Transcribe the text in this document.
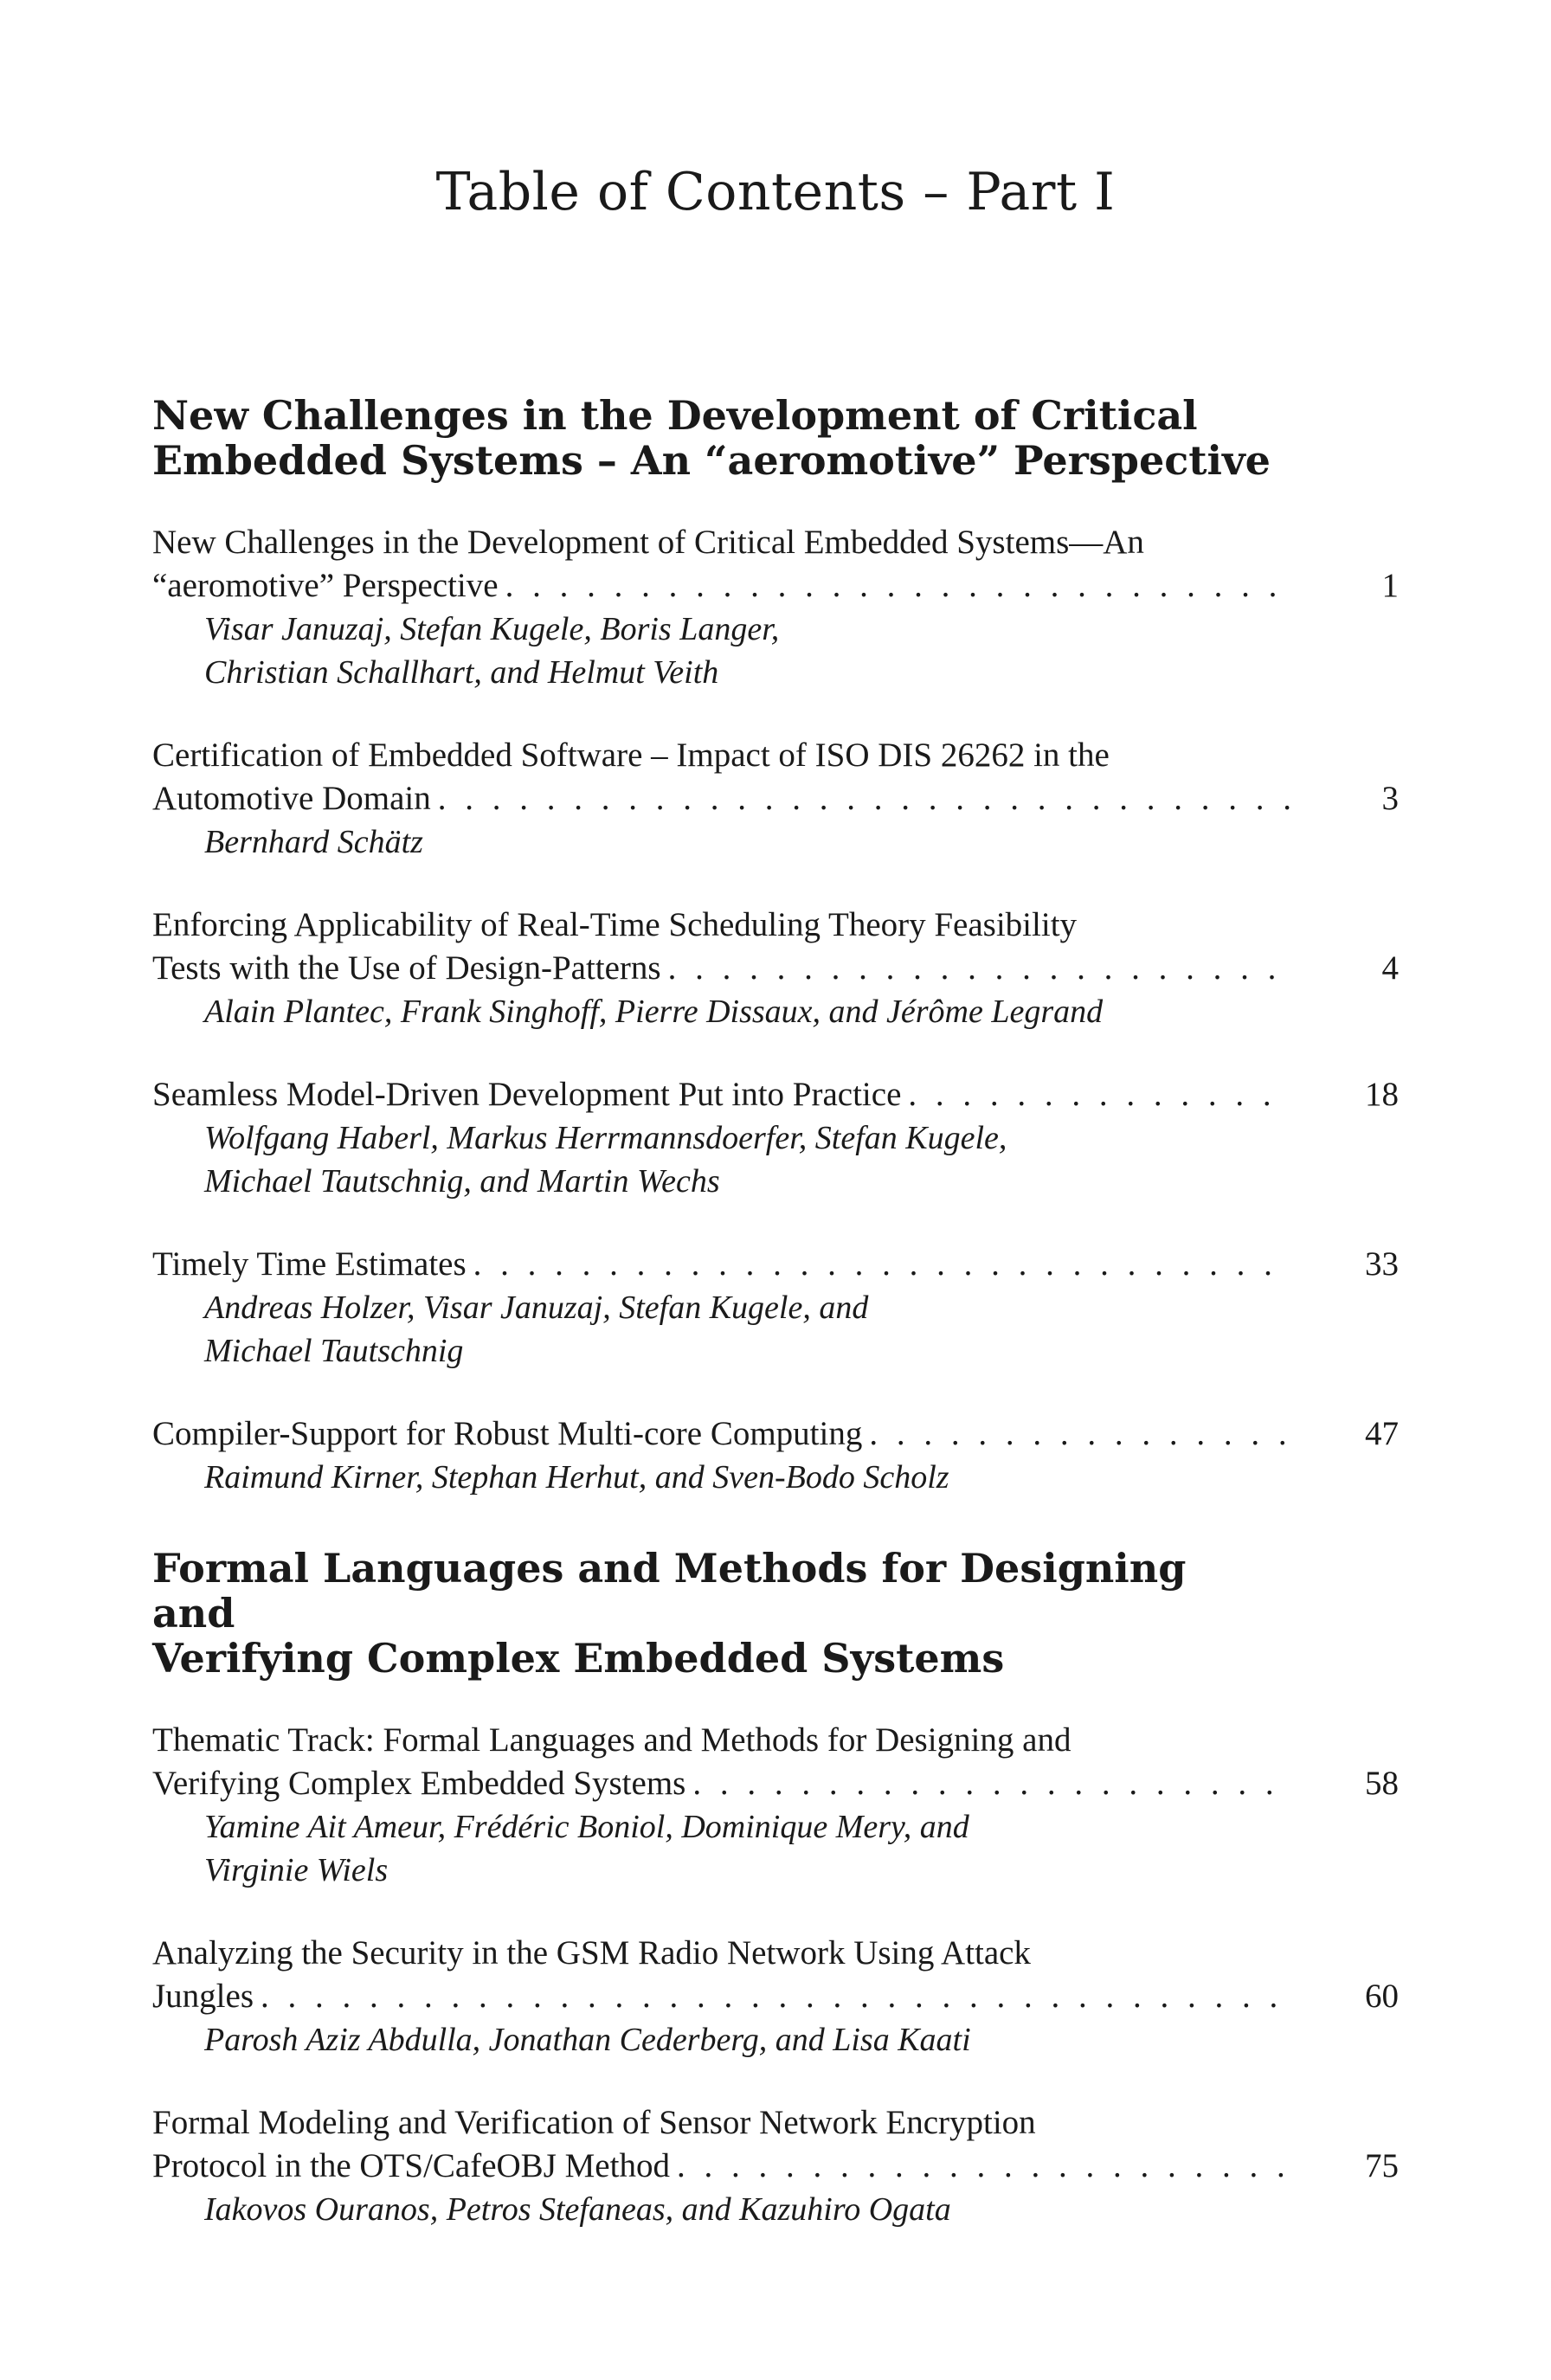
Table of Contents – Part I
New Challenges in the Development of Critical
Embedded Systems – An “aeromotive” Perspective
New Challenges in the Development of Critical Embedded Systems—An
“aeromotive” Perspective . . .	1

Visar Januzaj, Stefan Kugele, Boris Langer,
Christian Schallhart, and Helmut Veith

Certification of Embedded Software – Impact of ISO DIS 26262 in the
Automotive Domain . . .	3

Bernhard Schätz

Enforcing Applicability of Real-Time Scheduling Theory Feasibility
Tests with the Use of Design-Patterns . . .	4

Alain Plantec, Frank Singhoff, Pierre Dissaux, and Jérôme Legrand

Seamless Model-Driven Development Put into Practice . . .	18

Wolfgang Haberl, Markus Herrmannsdoerfer, Stefan Kugele,
Michael Tautschnig, and Martin Wechs

Timely Time Estimates . . .	33

Andreas Holzer, Visar Januzaj, Stefan Kugele, and
Michael Tautschnig

Compiler-Support for Robust Multi-core Computing . . .	47

Raimund Kirner, Stephan Herhut, and Sven-Bodo Scholz

Formal Languages and Methods for Designing and
Verifying Complex Embedded Systems
Thematic Track: Formal Languages and Methods for Designing and
Verifying Complex Embedded Systems . . .	58

Yamine Ait Ameur, Frédéric Boniol, Dominique Mery, and
Virginie Wiels

Analyzing the Security in the GSM Radio Network Using Attack
Jungles . . .	60

Parosh Aziz Abdulla, Jonathan Cederberg, and Lisa Kaati

Formal Modeling and Verification of Sensor Network Encryption
Protocol in the OTS/CafeOBJ Method . . .	75

Iakovos Ouranos, Petros Stefaneas, and Kazuhiro Ogata
